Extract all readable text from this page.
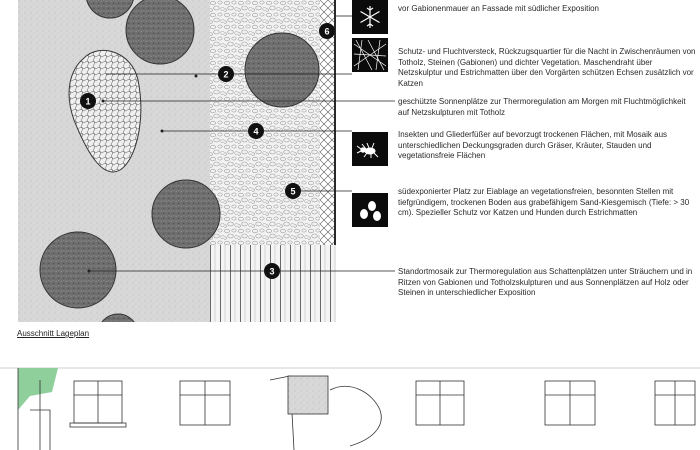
6
2
1
4
5
3
vor Gabionenmauer an Fassade mit südlicher Exposition
Schutz- und Fluchtversteck, Rückzugsquartier für die Nacht in Zwischenräumen von Totholz, Steinen (Gabionen) und dichter Vegetation. Maschendraht über Netzskulptur und Estrichmatten über den Vorgärten schützen Echsen zusätzlich vor Katzen
geschützte Sonnenplätze zur Thermoregulation am Morgen mit Fluchtmöglichkeit auf Netzskulpturen mit Totholz
Insekten und Gliederfüßer auf bevorzugt trockenen Flächen, mit Mosaik aus unterschiedlichen Deckungsgraden durch Gräser, Kräuter, Stauden und vegetationsfreie Flächen
südexponierter Platz zur Eiablage an vegetationsfreien, besonnten Stellen mit tiefgründigem, trockenen Boden aus grabefähigem Sand-Kiesgemisch (Tiefe: > 30 cm). Spezieller Schutz vor Katzen und Hunden durch Estrichmatten
Standortmosaik zur Thermoregulation aus Schattenplätzen unter Sträuchern und in Ritzen von Gabionen und Totholzskulpturen und aus Sonnenplätzen auf Holz oder Steinen in unterschiedlicher Exposition
Ausschnitt Lageplan
